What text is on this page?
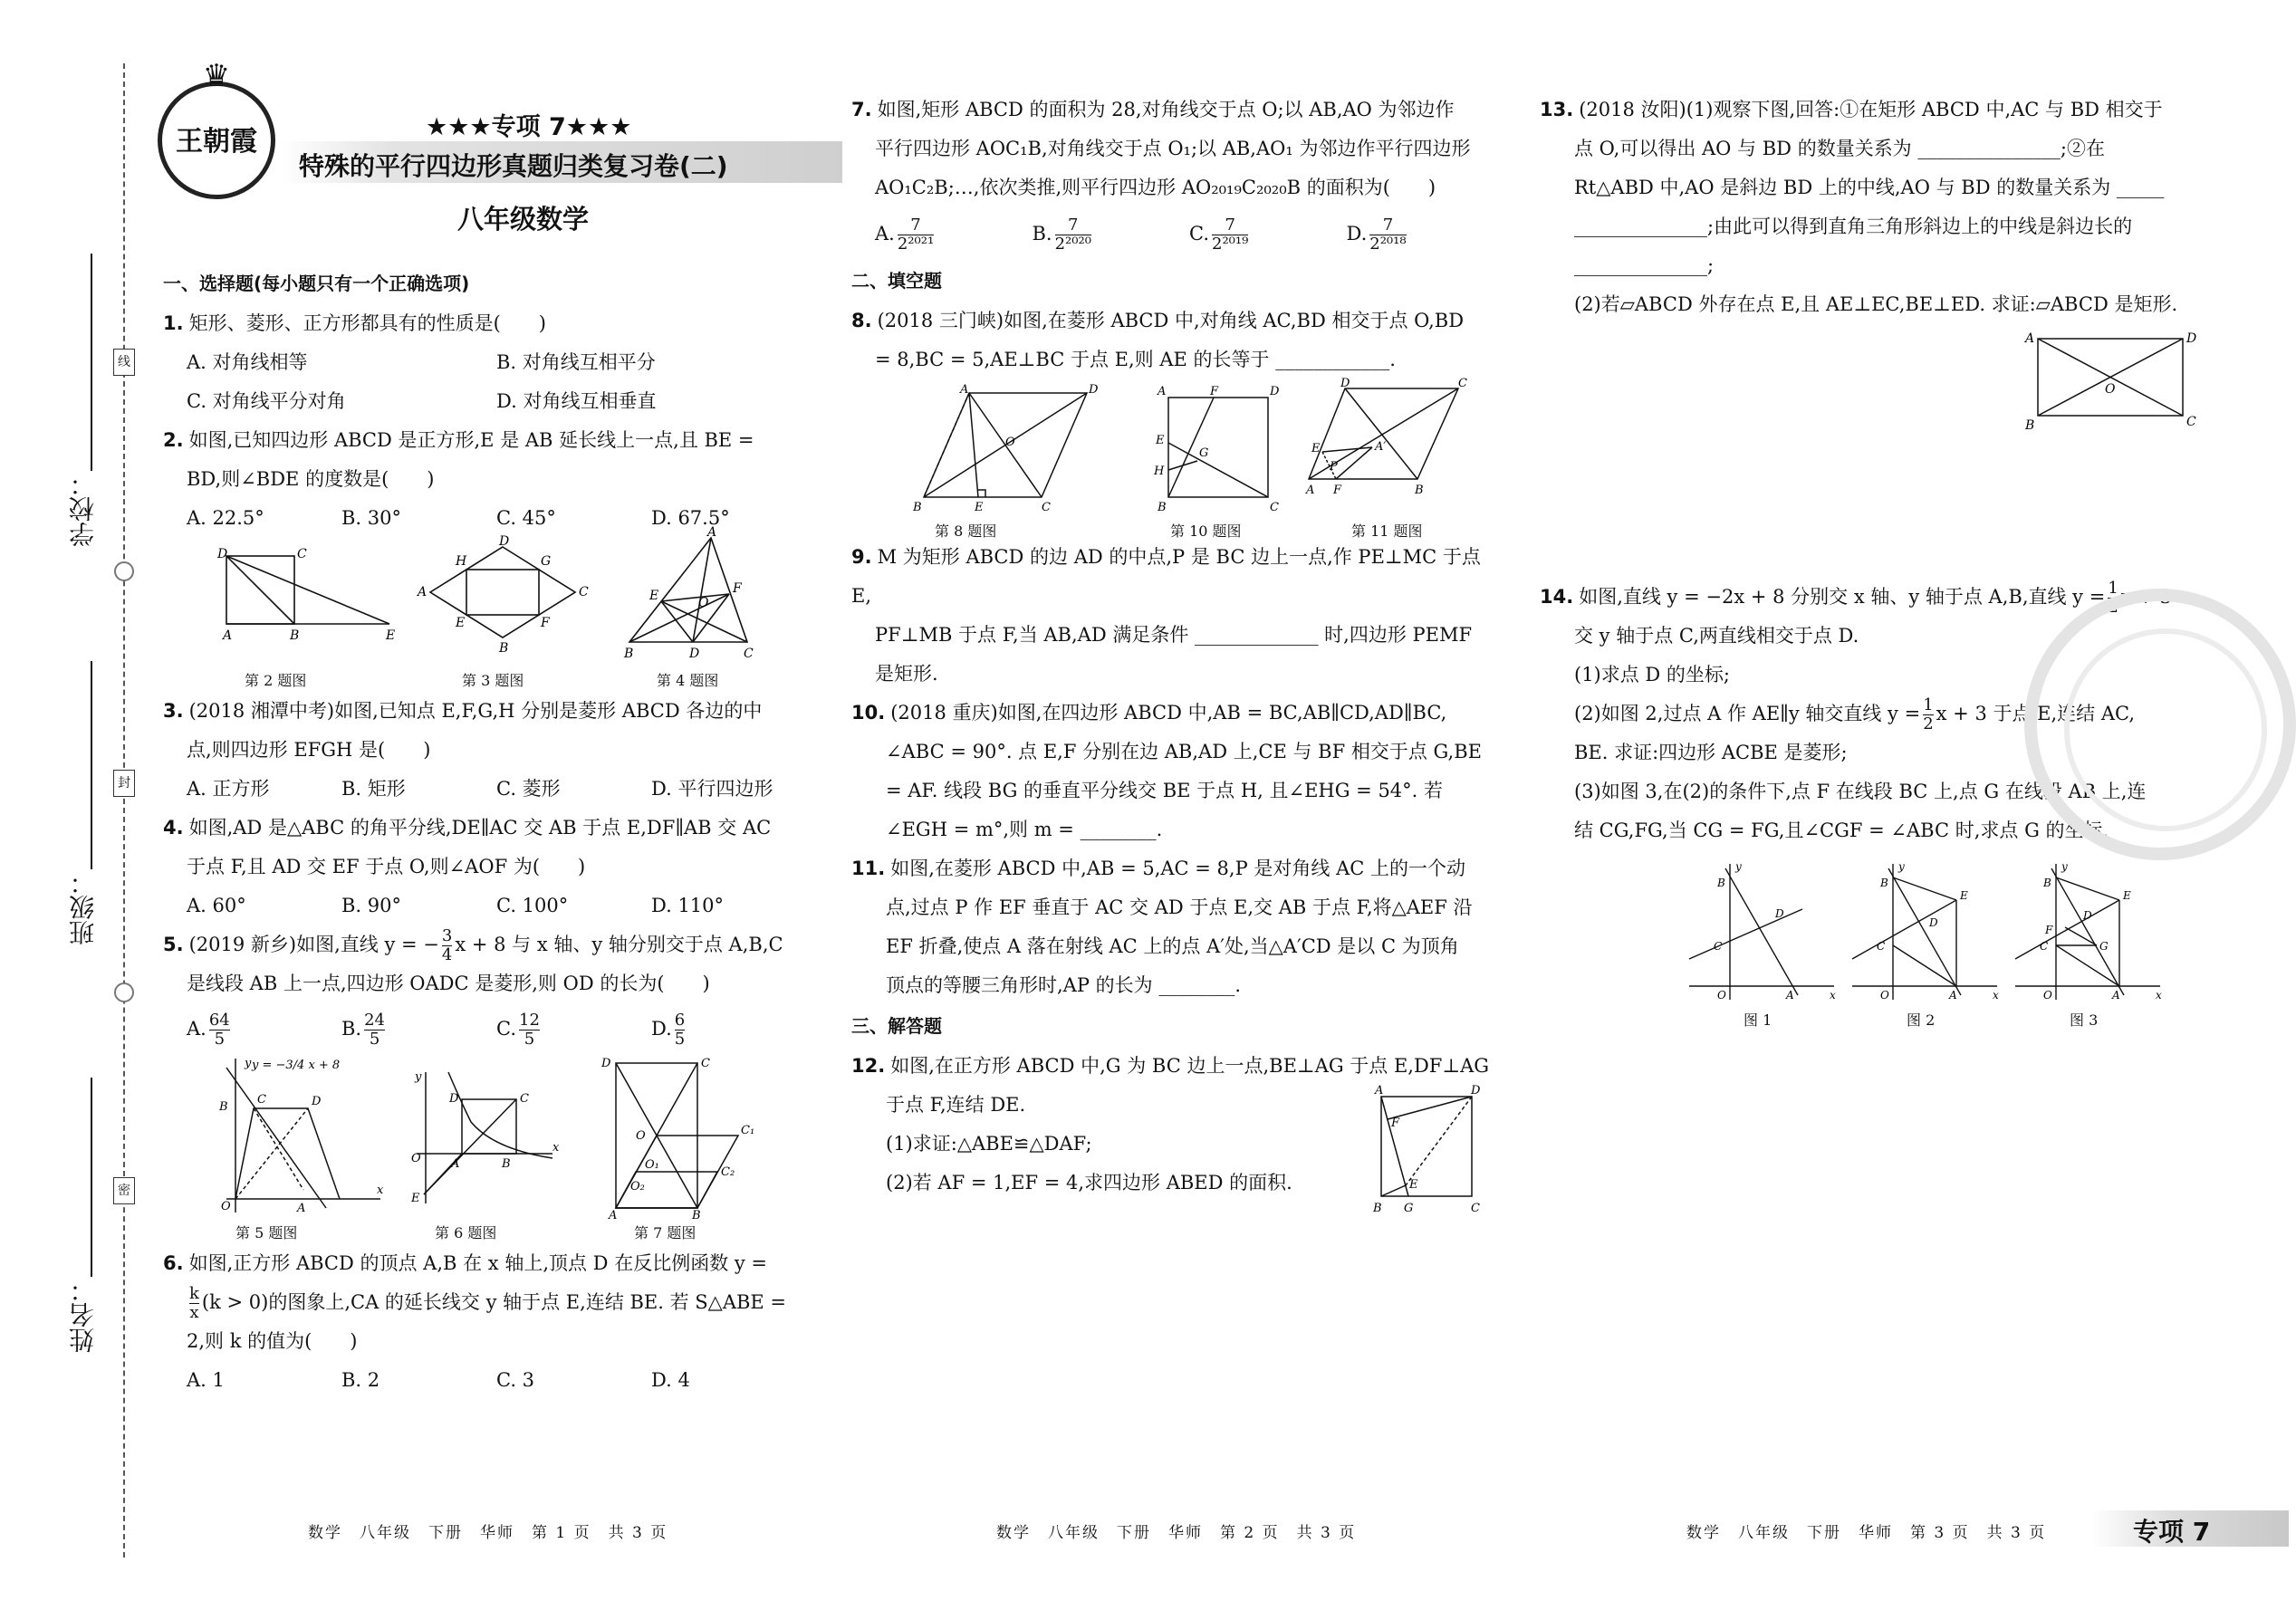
线
封
密
学校：
班级：
姓名：
♛
王朝霞	★★★专项 7★★★
特殊的平行四边形真题归类复习卷(二)
八年级数学
一、选择题(每小题只有一个正确选项)

1. 矩形、菱形、正方形都具有的性质是(　　)

A. 对角线相等	B. 对角线互相平分
C. 对角线平分对角	D. 对角线互相垂直

2. 如图,已知四边形 ABCD 是正方形,E 是 AB 延长线上一点,且 BE =

BD,则∠BDE 的度数是(　　)

A. 22.5°	B. 30°	C. 45°	D. 67.5°
D	C
A	B	E
D
C
B
A
H	G
E	F
A
E	F
O
B	D	C
第 2 题图	第 3 题图	第 4 题图

3. (2018 湘潭中考)如图,已知点 E,F,G,H 分别是菱形 ABCD 各边的中

点,则四边形 EFGH 是(　　)

A. 正方形	B. 矩形	C. 菱形	D. 平行四边形

4. 如图,AD 是△ABC 的角平分线,DE∥AC 交 AB 于点 E,DF∥AB 交 AC

于点 F,且 AD 交 EF 于点 O,则∠AOF 为(　　)

A. 60°	B. 90°	C. 100°	D. 110°

5. (2019 新乡)如图,直线 y = − $\frac{3}{4}$ x + 8 与 x 轴、y 轴分别交于点 A,B,C

是线段 AB 上一点,四边形 OADC 是菱形,则 OD 的长为(　　)

A. $\frac{64}{5}$	B. $\frac{24}{5}$	C. $\frac{12}{5}$	D. $\frac{6}{5}$
y y = −3/4 x + 8
B
C	D
O	A
x
y
D	C
O	A	B
E
x
D	C
O
O₁
O₂
C₁
C₂
A	B
第 5 题图	第 6 题图	第 7 题图

6. 如图,正方形 ABCD 的顶点 A,B 在 x 轴上,顶点 D 在反比例函数 y =

$\frac{k}{x} (k > 0)$的图象上,CA 的延长线交 y 轴于点 E,连结 BE. 若 S△ABE =

2,则 k 的值为(　　)

A. 1	B. 2	C. 3	D. 4

7. 如图,矩形 ABCD 的面积为 28,对角线交于点 O;以 AB,AO 为邻边作

平行四边形 AOC₁B,对角线交于点 O₁;以 AB,AO₁ 为邻边作平行四边形

AO₁C₂B;…,依次类推,则平行四边形 AO₂₀₁₉C₂₀₂₀B 的面积为(　　)

A. $\frac{7}{\text{2²⁰²¹}}$	B. $\frac{7}{\text{2²⁰²⁰}}$	C. $\frac{7}{\text{2²⁰¹⁹}}$	D. $\frac{7}{\text{2²⁰¹⁸}}$
二、填空题

8. (2018 三门峡)如图,在菱形 ABCD 中,对角线 AC,BD 相交于点 O,BD

= 8,BC = 5,AE⊥BC 于点 E,则 AE 的长等于 ____________.

A	D
O
B	E	C
A	F	D
E
G
H
B	C
D	C
E
P
A′
A F	B
第 8 题图	第 10 题图	第 11 题图

9. M 为矩形 ABCD 的边 AD 的中点,P 是 BC 边上一点,作 PE⊥MC 于点 E,

PF⊥MB 于点 F,当 AB,AD 满足条件 _____________ 时,四边形 PEMF

是矩形.

10. (2018 重庆)如图,在四边形 ABCD 中,AB = BC,AB∥CD,AD∥BC,

∠ABC = 90°. 点 E,F 分别在边 AB,AD 上,CE 与 BF 相交于点 G,BE

= AF. 线段 BG 的垂直平分线交 BE 于点 H, 且∠EHG = 54°. 若

∠EGH = m°,则 m = ________.

11. 如图,在菱形 ABCD 中,AB = 5,AC = 8,P 是对角线 AC 上的一个动

点,过点 P 作 EF 垂直于 AC 交 AD 于点 E,交 AB 于点 F,将△AEF 沿

EF 折叠,使点 A 落在射线 AC 上的点 A′处,当△A′CD 是以 C 为顶角

顶点的等腰三角形时,AP 的长为 ________.

三、解答题

12. 如图,在正方形 ABCD 中,G 为 BC 边上一点,BE⊥AG 于点 E,DF⊥AG

于点 F,连结 DE.

(1)求证:△ABE≌△DAF;

(2)若 AF = 1,EF = 4,求四边形 ABED 的面积.

A	D
F
E
B G	C

13. (2018 汝阳)(1)观察下图,回答:①在矩形 ABCD 中,AC 与 BD 相交于

点 O,可以得出 AO 与 BD 的数量关系为 _______________;②在

Rt△ABD 中,AO 是斜边 BD 上的中线,AO 与 BD 的数量关系为 _____

______________;由此可以得到直角三角形斜边上的中线是斜边长的

______________;

(2)若▱ABCD 外存在点 E,且 AE⊥EC,BE⊥ED. 求证:▱ABCD 是矩形.

A	D
O
B	C

14. 如图,直线 y = −2x + 8 分别交 x 轴、y 轴于点 A,B,直线 $y = \frac{1}{2}$ x + 3

交 y 轴于点 C,两直线相交于点 D.

(1)求点 D 的坐标;

(2)如图 2,过点 A 作 AE∥y 轴交直线 $y = \frac{1}{2}$ x + 3 于点 E,连结 AC,

BE. 求证:四边形 ACBE 是菱形;

(3)如图 3,在(2)的条件下,点 F 在线段 BC 上,点 G 在线段 AB 上,连

结 CG,FG,当 CG = FG,且∠CGF = ∠ABC 时,求点 G 的坐标.

y
B
C
D
O	A	x
y
B
C
D
E
O	A	x
y
B
F
C
D
G
E
O	A	x
图 1	图 2	图 3
数学　八年级　下册　华师　第 1 页　共 3 页	数学　八年级　下册　华师　第 2 页　共 3 页	数学　八年级　下册　华师　第 3 页　共 3 页	专项 7
